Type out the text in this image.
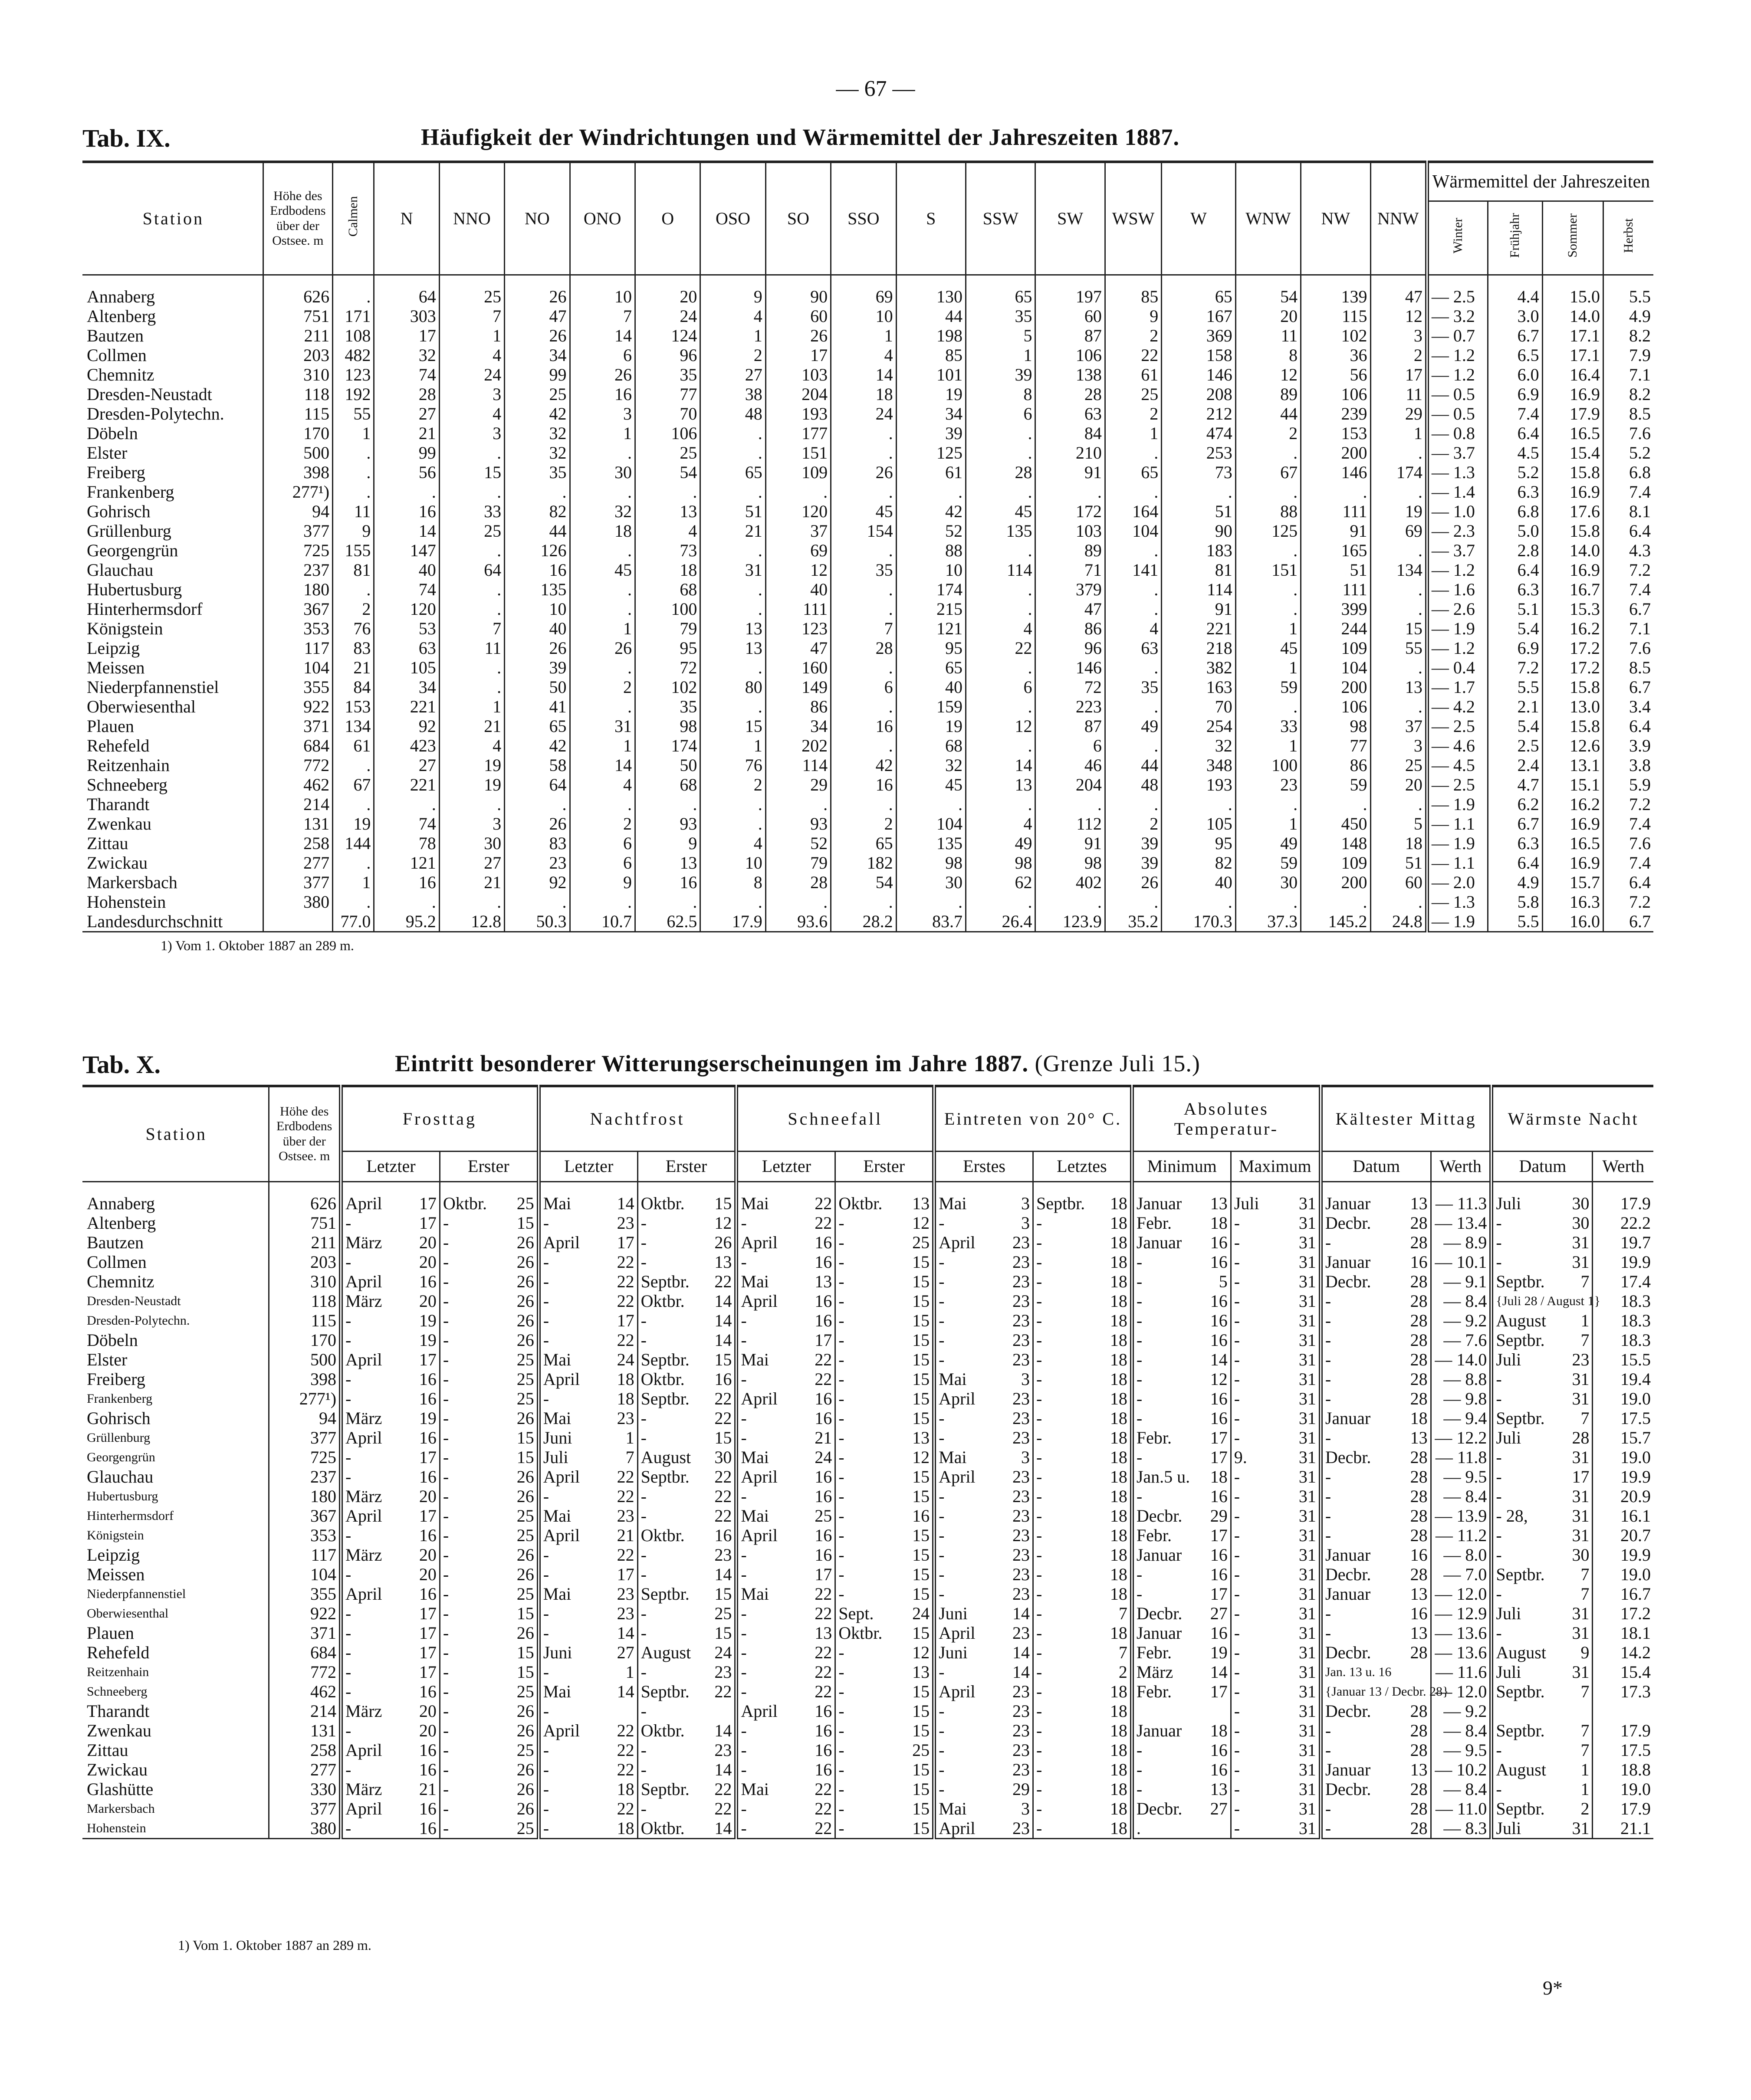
— 67 —
Tab. IX.	Häufigkeit der Windrichtungen und Wärmemittel der Jahreszeiten 1887.
Station	Höhe des Erdbodens über der Ostsee. m	Calmen	N	NNO	NO	ONO	O	OSO	SO	SSO	S	SSW	SW	WSW	W	WNW	NW	NNW	Wärmemittel der Jahreszeiten			
																			Winter	Frühjahr	Sommer	Herbst
Annaberg	626	.	64	25	26	10	20	9	90	69	130	65	197	85	65	54	139	47	— 2.5	4.4	15.0	5.5
Altenberg	751	171	303	7	47	7	24	4	60	10	44	35	60	9	167	20	115	12	— 3.2	3.0	14.0	4.9
Bautzen	211	108	17	1	26	14	124	1	26	1	198	5	87	2	369	11	102	3	— 0.7	6.7	17.1	8.2
Collmen	203	482	32	4	34	6	96	2	17	4	85	1	106	22	158	8	36	2	— 1.2	6.5	17.1	7.9
Chemnitz	310	123	74	24	99	26	35	27	103	14	101	39	138	61	146	12	56	17	— 1.2	6.0	16.4	7.1
Dresden-Neustadt	118	192	28	3	25	16	77	38	204	18	19	8	28	25	208	89	106	11	— 0.5	6.9	16.9	8.2
Dresden-Polytechn.	115	55	27	4	42	3	70	48	193	24	34	6	63	2	212	44	239	29	— 0.5	7.4	17.9	8.5
Döbeln	170	1	21	3	32	1	106	.	177	.	39	.	84	1	474	2	153	1	— 0.8	6.4	16.5	7.6
Elster	500	.	99	.	32	.	25	.	151	.	125	.	210	.	253	.	200	.	— 3.7	4.5	15.4	5.2
Freiberg	398	.	56	15	35	30	54	65	109	26	61	28	91	65	73	67	146	174	— 1.3	5.2	15.8	6.8
Frankenberg	277¹)	.	.	.	.	.	.	.	.	.	.	.	.	.	.	.	.	.	— 1.4	6.3	16.9	7.4
Gohrisch	94	11	16	33	82	32	13	51	120	45	42	45	172	164	51	88	111	19	— 1.0	6.8	17.6	8.1
Grüllenburg	377	9	14	25	44	18	4	21	37	154	52	135	103	104	90	125	91	69	— 2.3	5.0	15.8	6.4
Georgengrün	725	155	147	.	126	.	73	.	69	.	88	.	89	.	183	.	165	.	— 3.7	2.8	14.0	4.3
Glauchau	237	81	40	64	16	45	18	31	12	35	10	114	71	141	81	151	51	134	— 1.2	6.4	16.9	7.2
Hubertusburg	180	.	74	.	135	.	68	.	40	.	174	.	379	.	114	.	111	.	— 1.6	6.3	16.7	7.4
Hinterhermsdorf	367	2	120	.	10	.	100	.	111	.	215	.	47	.	91	.	399	.	— 2.6	5.1	15.3	6.7
Königstein	353	76	53	7	40	1	79	13	123	7	121	4	86	4	221	1	244	15	— 1.9	5.4	16.2	7.1
Leipzig	117	83	63	11	26	26	95	13	47	28	95	22	96	63	218	45	109	55	— 1.2	6.9	17.2	7.6
Meissen	104	21	105	.	39	.	72	.	160	.	65	.	146	.	382	1	104	.	— 0.4	7.2	17.2	8.5
Niederpfannenstiel	355	84	34	.	50	2	102	80	149	6	40	6	72	35	163	59	200	13	— 1.7	5.5	15.8	6.7
Oberwiesenthal	922	153	221	1	41	.	35	.	86	.	159	.	223	.	70	.	106	.	— 4.2	2.1	13.0	3.4
Plauen	371	134	92	21	65	31	98	15	34	16	19	12	87	49	254	33	98	37	— 2.5	5.4	15.8	6.4
Rehefeld	684	61	423	4	42	1	174	1	202	.	68	.	6	.	32	1	77	3	— 4.6	2.5	12.6	3.9
Reitzenhain	772	.	27	19	58	14	50	76	114	42	32	14	46	44	348	100	86	25	— 4.5	2.4	13.1	3.8
Schneeberg	462	67	221	19	64	4	68	2	29	16	45	13	204	48	193	23	59	20	— 2.5	4.7	15.1	5.9
Tharandt	214	.	.	.	.	.	.	.	.	.	.	.	.	.	.	.	.	.	— 1.9	6.2	16.2	7.2
Zwenkau	131	19	74	3	26	2	93	.	93	2	104	4	112	2	105	1	450	5	— 1.1	6.7	16.9	7.4
Zittau	258	144	78	30	83	6	9	4	52	65	135	49	91	39	95	49	148	18	— 1.9	6.3	16.5	7.6
Zwickau	277	.	121	27	23	6	13	10	79	182	98	98	98	39	82	59	109	51	— 1.1	6.4	16.9	7.4
Markersbach	377	1	16	21	92	9	16	8	28	54	30	62	402	26	40	30	200	60	— 2.0	4.9	15.7	6.4
Hohenstein	380	.	.	.	.	.	.	.	.	.	.	.	.	.	.	.	.	.	— 1.3	5.8	16.3	7.2
Landesdurchschnitt		77.0	95.2	12.8	50.3	10.7	62.5	17.9	93.6	28.2	83.7	26.4	123.9	35.2	170.3	37.3	145.2	24.8	— 1.9	5.5	16.0	6.7
1) Vom 1. Oktober 1887 an 289 m.
Tab. X.	Eintritt besonderer Witterungserscheinungen im Jahre 1887. (Grenze Juli 15.)
Station	Höhe des Erdbodens über der Ostsee. m	Frosttag				Nachtfrost				Schneefall				Eintreten von 20° C.				Absolutes Temperatur-				Kältester Mittag			Wärmste Nacht		
		Letzter		Erster		Letzter		Erster		Letzter		Erster		Erstes		Letztes		Minimum		Maximum		Datum		Werth	Datum		Werth
Annaberg	626	April	17	Oktbr.	25	Mai	14	Oktbr.	15	Mai	22	Oktbr.	13	Mai	3	Septbr.	18	Januar	13	Juli	31	Januar	13	— 11.3	Juli	30	17.9
Altenberg	751	-	17	-	15	-	23	-	12	-	22	-	12	-	3	-	18	Febr.	18	-	31	Decbr.	28	— 13.4	-	30	22.2
Bautzen	211	März	20	-	26	April	17	-	26	April	16	-	25	April	23	-	18	Januar	16	-	31	-	28	— 8.9	-	31	19.7
Collmen	203	-	20	-	26	-	22	-	13	-	16	-	15	-	23	-	18	-	16	-	31	Januar	16	— 10.1	-	31	19.9
Chemnitz	310	April	16	-	26	-	22	Septbr.	22	Mai	13	-	15	-	23	-	18	-	5	-	31	Decbr.	28	— 9.1	Septbr.	7	17.4
Dresden-Neustadt	118	März	20	-	26	-	22	Oktbr.	14	April	16	-	15	-	23	-	18	-	16	-	31	-	28	— 8.4	{Juli 28 / August 1}		18.3
Dresden-Polytechn.	115	-	19	-	26	-	17	-	14	-	16	-	15	-	23	-	18	-	16	-	31	-	28	— 9.2	August	1	18.3
Döbeln	170	-	19	-	26	-	22	-	14	-	17	-	15	-	23	-	18	-	16	-	31	-	28	— 7.6	Septbr.	7	18.3
Elster	500	April	17	-	25	Mai	24	Septbr.	15	Mai	22	-	15	-	23	-	18	-	14	-	31	-	28	— 14.0	Juli	23	15.5
Freiberg	398	-	16	-	25	April	18	Oktbr.	16	-	22	-	15	Mai	3	-	18	-	12	-	31	-	28	— 8.8	-	31	19.4
Frankenberg	277¹)	-	16	-	25	-	18	Septbr.	22	April	16	-	15	April	23	-	18	-	16	-	31	-	28	— 9.8	-	31	19.0
Gohrisch	94	März	19	-	26	Mai	23	-	22	-	16	-	15	-	23	-	18	-	16	-	31	Januar	18	— 9.4	Septbr.	7	17.5
Grüllenburg	377	April	16	-	15	Juni	1	-	15	-	21	-	13	-	23	-	18	Febr.	17	-	31	-	13	— 12.2	Juli	28	15.7
Georgengrün	725	-	17	-	15	Juli	7	August	30	Mai	24	-	12	Mai	3	-	18	-	17	9.	31	Decbr.	28	— 11.8	-	31	19.0
Glauchau	237	-	16	-	26	April	22	Septbr.	22	April	16	-	15	April	23	-	18	Jan.5 u.	18	-	31	-	28	— 9.5	-	17	19.9
Hubertusburg	180	März	20	-	26	-	22	-	22	-	16	-	15	-	23	-	18	-	16	-	31	-	28	— 8.4	-	31	20.9
Hinterhermsdorf	367	April	17	-	25	Mai	23	-	22	Mai	25	-	16	-	23	-	18	Decbr.	29	-	31	-	28	— 13.9	- 28,	31	16.1
Königstein	353	-	16	-	25	April	21	Oktbr.	16	April	16	-	15	-	23	-	18	Febr.	17	-	31	-	28	— 11.2	-	31	20.7
Leipzig	117	März	20	-	26	-	22	-	23	-	16	-	15	-	23	-	18	Januar	16	-	31	Januar	16	— 8.0	-	30	19.9
Meissen	104	-	20	-	26	-	17	-	14	-	17	-	15	-	23	-	18	-	16	-	31	Decbr.	28	— 7.0	Septbr.	7	19.0
Niederpfannenstiel	355	April	16	-	25	Mai	23	Septbr.	15	Mai	22	-	15	-	23	-	18	-	17	-	31	Januar	13	— 12.0	-	7	16.7
Oberwiesenthal	922	-	17	-	15	-	23	-	25	-	22	Sept.	24	Juni	14	-	7	Decbr.	27	-	31	-	16	— 12.9	Juli	31	17.2
Plauen	371	-	17	-	26	-	14	-	15	-	13	Oktbr.	15	April	23	-	18	Januar	16	-	31	-	13	— 13.6	-	31	18.1
Rehefeld	684	-	17	-	15	Juni	27	August	24	-	22	-	12	Juni	14	-	7	Febr.	19	-	31	Decbr.	28	— 13.6	August	9	14.2
Reitzenhain	772	-	17	-	15	-	1	-	23	-	22	-	13	-	14	-	2	März	14	-	31	Jan. 13 u. 16		— 11.6	Juli	31	15.4
Schneeberg	462	-	16	-	25	Mai	14	Septbr.	22	-	22	-	15	April	23	-	18	Febr.	17	-	31	{Januar 13 / Decbr. 28}		— 12.0	Septbr.	7	17.3
Tharandt	214	März	20	-	26	-		-		April	16	-	15	-	23	-	18			-	31	Decbr.	28	— 9.2			
Zwenkau	131	-	20	-	26	April	22	Oktbr.	14	-	16	-	15	-	23	-	18	Januar	18	-	31	-	28	— 8.4	Septbr.	7	17.9
Zittau	258	April	16	-	25	-	22	-	23	-	16	-	25	-	23	-	18	-	16	-	31	-	28	— 9.5	-	7	17.5
Zwickau	277	-	16	-	26	-	22	-	14	-	16	-	15	-	23	-	18	-	16	-	31	Januar	13	— 10.2	August	1	18.8
Glashütte	330	März	21	-	26	-	18	Septbr.	22	Mai	22	-	15	-	29	-	18	-	13	-	31	Decbr.	28	— 8.4	-	1	19.0
Markersbach	377	April	16	-	26	-	22	-	22	-	22	-	15	Mai	3	-	18	Decbr.	27	-	31	-	28	— 11.0	Septbr.	2	17.9
Hohenstein	380	-	16	-	25	-	18	Oktbr.	14	-	22	-	15	April	23	-	18	.		-	31	-	28	— 8.3	Juli	31	21.1
1) Vom 1. Oktober 1887 an 289 m.
9*
